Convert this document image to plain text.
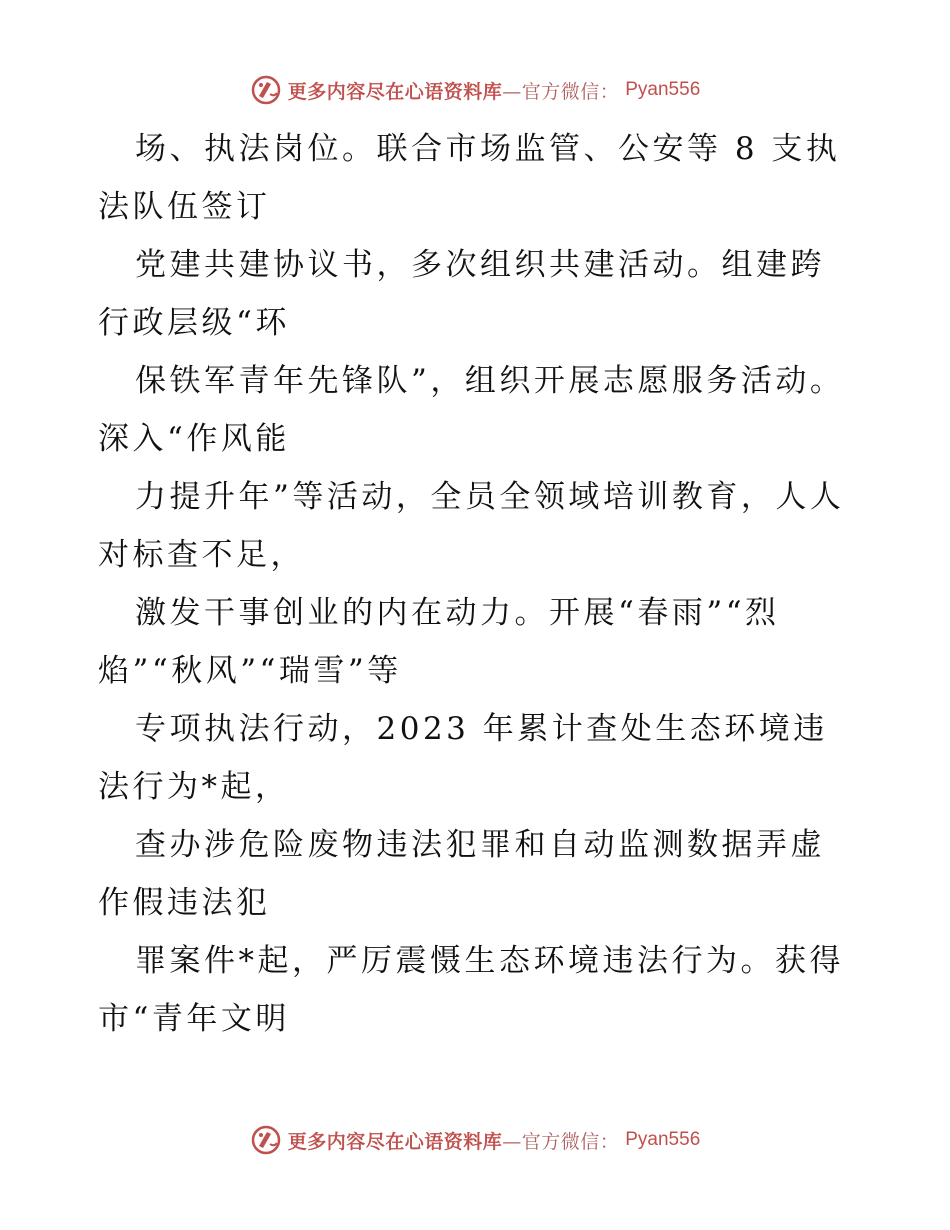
更多内容尽在心语资料库—官方微信： Pyan556

场、执法岗位。联合市场监管、公安等 8 支执法队伍签订

党建共建协议书，多次组织共建活动。组建跨行政层级“环

保铁军青年先锋队”，组织开展志愿服务活动。深入“作风能

力提升年”等活动，全员全领域培训教育，人人对标查不足，

激发干事创业的内在动力。开展“春雨”“烈焰”“秋风”“瑞雪”等

专项执法行动，2023 年累计查处生态环境违法行为*起，

查办涉危险废物违法犯罪和自动监测数据弄虚作假违法犯

罪案件*起，严厉震慑生态环境违法行为。获得市“青年文明

更多内容尽在心语资料库—官方微信： Pyan556
